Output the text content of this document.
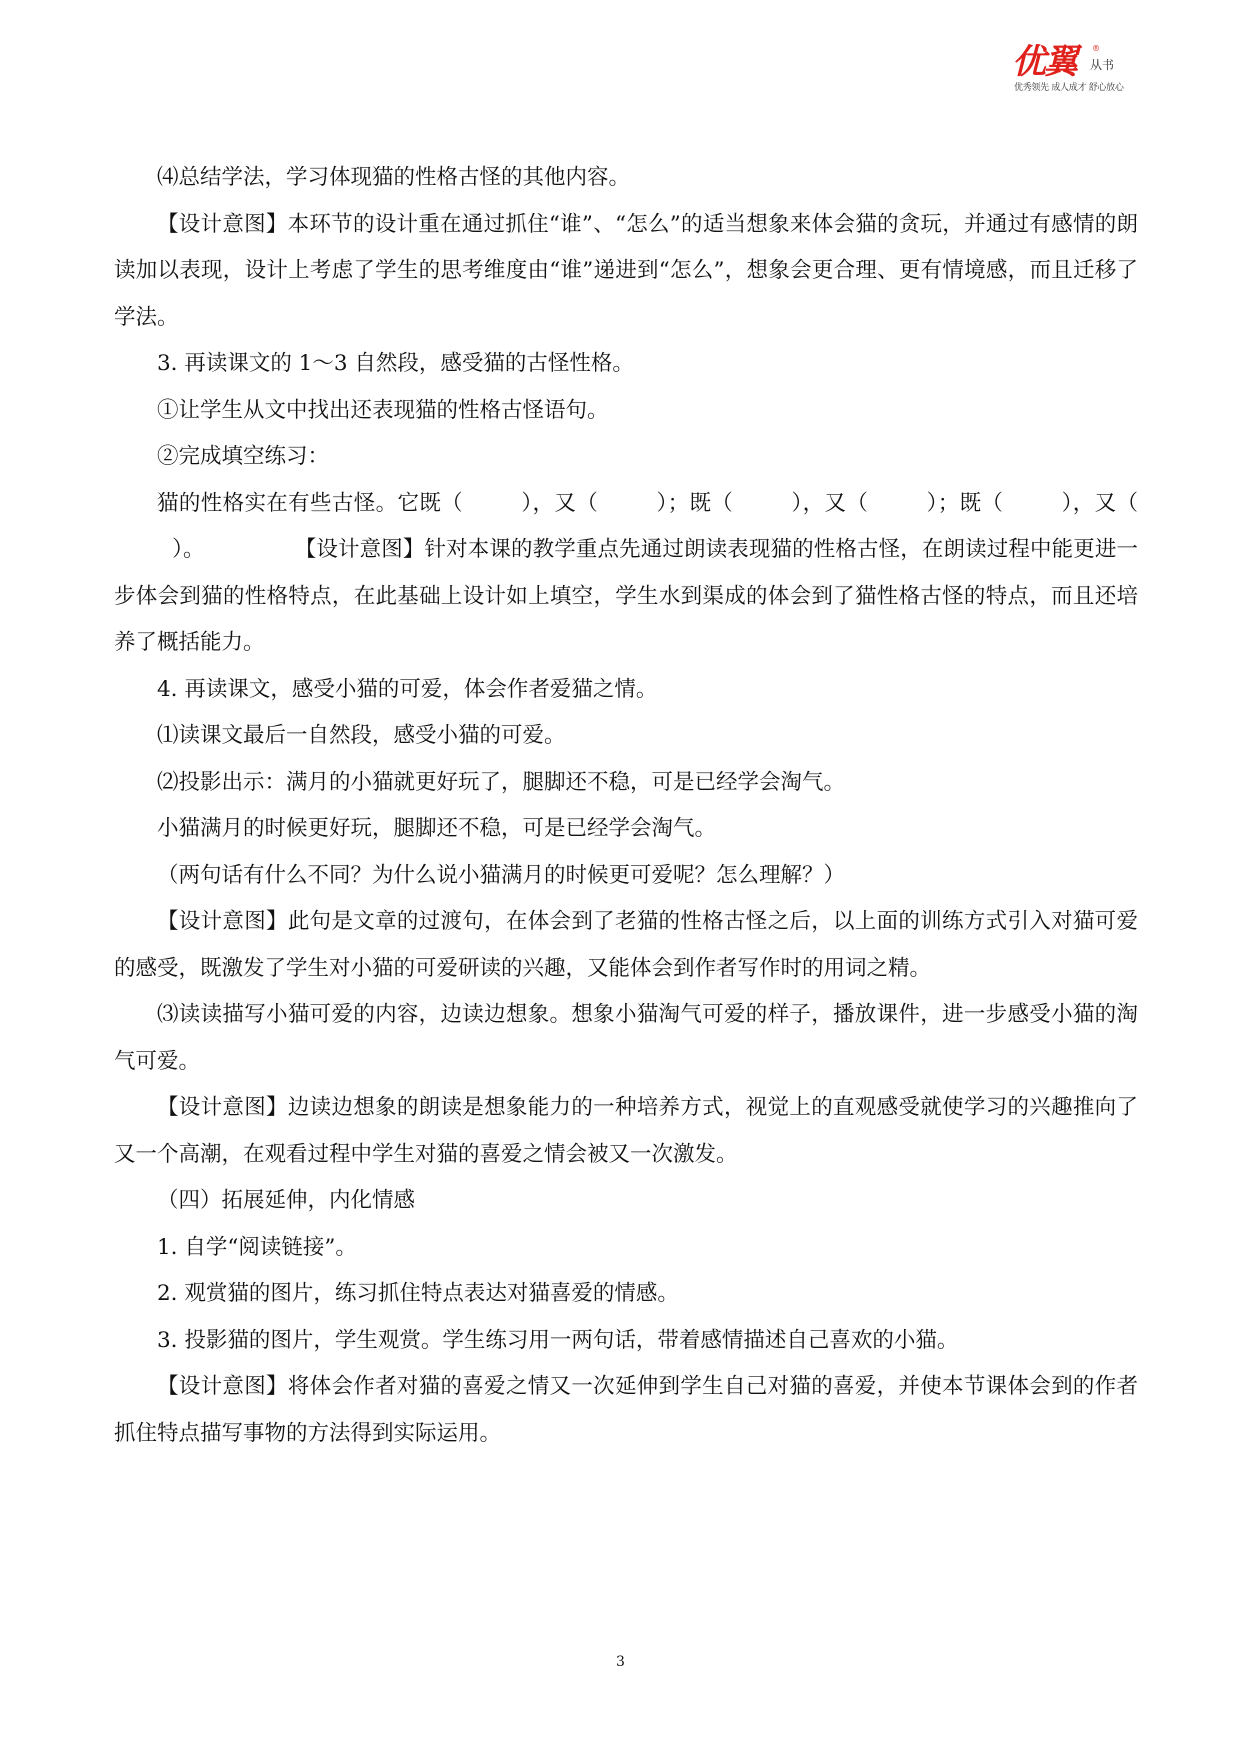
优翼 ®
从书
优秀领先 成人成才 舒心放心

⑷总结学法，学习体现猫的性格古怪的其他内容。

【设计意图】本环节的设计重在通过抓住“谁”、“怎么”的适当想象来体会猫的贪玩，并通过有感情的朗读加以表现，设计上考虑了学生的思考维度由“谁”递进到“怎么”，想象会更合理、更有情境感，而且迁移了学法。

3. 再读课文的 1～3 自然段，感受猫的古怪性格。

①让学生从文中找出还表现猫的性格古怪语句。

②完成填空练习：

猫的性格实在有些古怪。它既（	），又（	）；既（	），又（	）；既（	），又（）。	【设计意图】针对本课的教学重点先通过朗读表现猫的性格古怪，在朗读过程中能更进一步体会到猫的性格特点，在此基础上设计如上填空，学生水到渠成的体会到了猫性格古怪的特点，而且还培养了概括能力。

4. 再读课文，感受小猫的可爱，体会作者爱猫之情。

⑴读课文最后一自然段，感受小猫的可爱。

⑵投影出示：满月的小猫就更好玩了，腿脚还不稳，可是已经学会淘气。

小猫满月的时候更好玩，腿脚还不稳，可是已经学会淘气。

（两句话有什么不同？为什么说小猫满月的时候更可爱呢？怎么理解？）

【设计意图】此句是文章的过渡句，在体会到了老猫的性格古怪之后，以上面的训练方式引入对猫可爱的感受，既激发了学生对小猫的可爱研读的兴趣，又能体会到作者写作时的用词之精。

⑶读读描写小猫可爱的内容，边读边想象。想象小猫淘气可爱的样子，播放课件，进一步感受小猫的淘气可爱。

【设计意图】边读边想象的朗读是想象能力的一种培养方式，视觉上的直观感受就使学习的兴趣推向了又一个高潮，在观看过程中学生对猫的喜爱之情会被又一次激发。

（四）拓展延伸，内化情感

1. 自学“阅读链接”。

2. 观赏猫的图片，练习抓住特点表达对猫喜爱的情感。

3. 投影猫的图片，学生观赏。学生练习用一两句话，带着感情描述自己喜欢的小猫。

【设计意图】将体会作者对猫的喜爱之情又一次延伸到学生自己对猫的喜爱，并使本节课体会到的作者抓住特点描写事物的方法得到实际运用。

3
